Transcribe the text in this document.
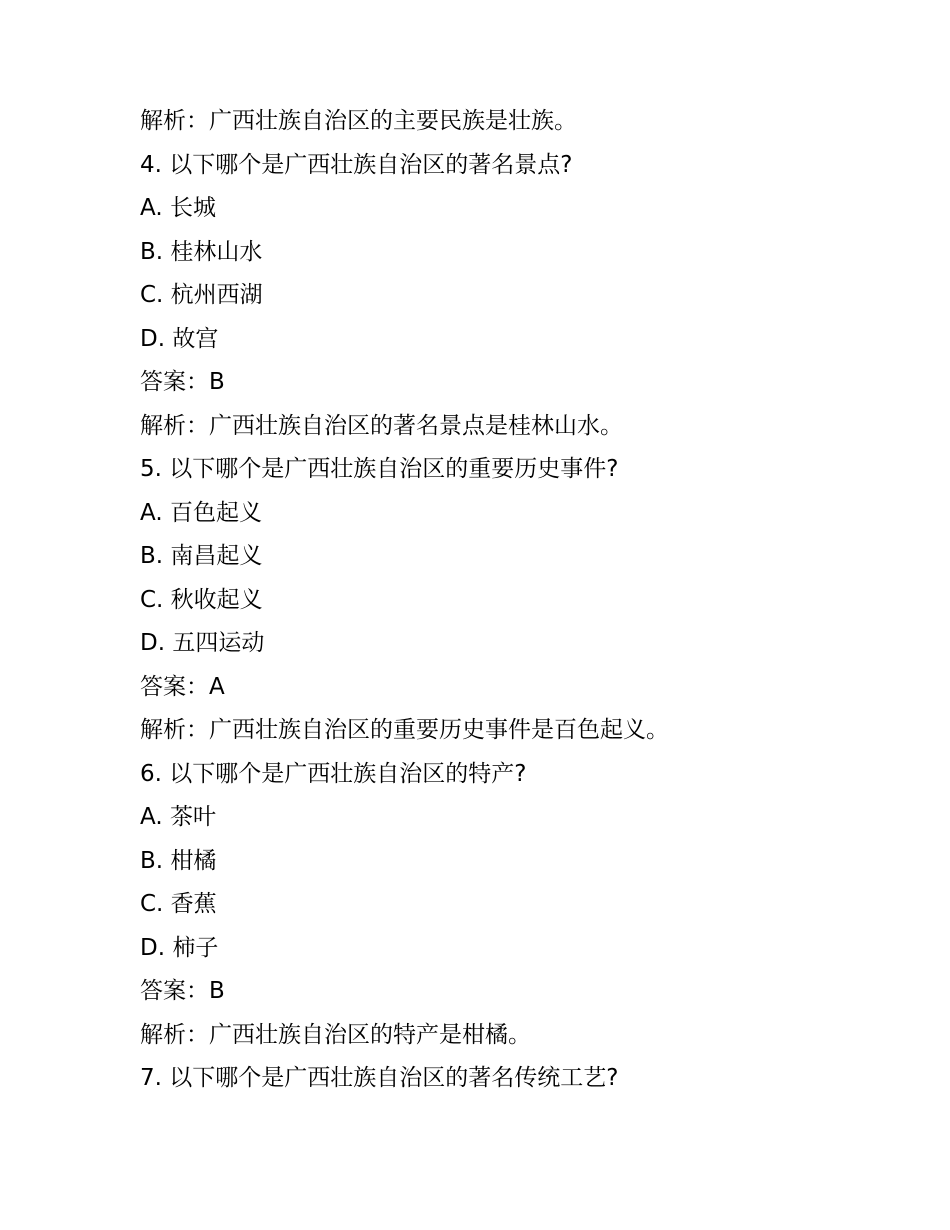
解析：广西壮族自治区的主要民族是壮族。
4. 以下哪个是广西壮族自治区的著名景点?
A. 长城
B. 桂林山水
C. 杭州西湖
D. 故宫
答案：B
解析：广西壮族自治区的著名景点是桂林山水。
5. 以下哪个是广西壮族自治区的重要历史事件?
A. 百色起义
B. 南昌起义
C. 秋收起义
D. 五四运动
答案：A
解析：广西壮族自治区的重要历史事件是百色起义。
6. 以下哪个是广西壮族自治区的特产?
A. 茶叶
B. 柑橘
C. 香蕉
D. 柿子
答案：B
解析：广西壮族自治区的特产是柑橘。
7. 以下哪个是广西壮族自治区的著名传统工艺?
